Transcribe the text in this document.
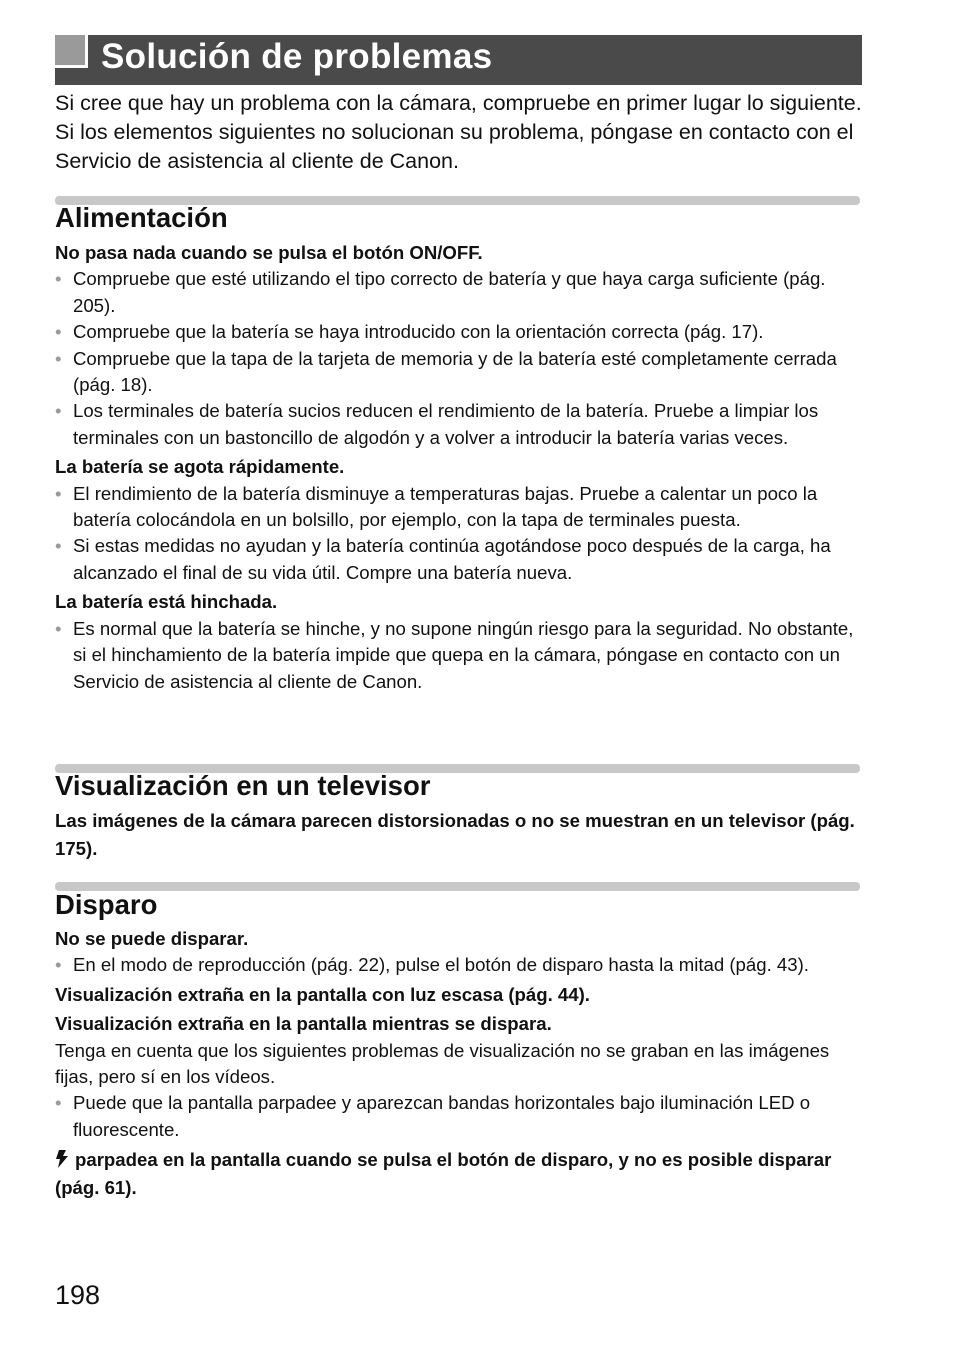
Solución de problemas
Si cree que hay un problema con la cámara, compruebe en primer lugar lo siguiente. Si los elementos siguientes no solucionan su problema, póngase en contacto con el Servicio de asistencia al cliente de Canon.
Alimentación

No pasa nada cuando se pulsa el botón ON/OFF.

• Compruebe que esté utilizando el tipo correcto de batería y que haya carga suficiente (pág. 205).

• Compruebe que la batería se haya introducido con la orientación correcta (pág. 17).

• Compruebe que la tapa de la tarjeta de memoria y de la batería esté completamente cerrada (pág. 18).

• Los terminales de batería sucios reducen el rendimiento de la batería. Pruebe a limpiar los terminales con un bastoncillo de algodón y a volver a introducir la batería varias veces.

La batería se agota rápidamente.

• El rendimiento de la batería disminuye a temperaturas bajas. Pruebe a calentar un poco la batería colocándola en un bolsillo, por ejemplo, con la tapa de terminales puesta.

• Si estas medidas no ayudan y la batería continúa agotándose poco después de la carga, ha alcanzado el final de su vida útil. Compre una batería nueva.

La batería está hinchada.

• Es normal que la batería se hinche, y no supone ningún riesgo para la seguridad. No obstante, si el hinchamiento de la batería impide que quepa en la cámara, póngase en contacto con un Servicio de asistencia al cliente de Canon.

Visualización en un televisor

Las imágenes de la cámara parecen distorsionadas o no se muestran en un televisor (pág. 175).

Disparo

No se puede disparar.

• En el modo de reproducción (pág. 22), pulse el botón de disparo hasta la mitad (pág. 43).

Visualización extraña en la pantalla con luz escasa (pág. 44).

Visualización extraña en la pantalla mientras se dispara.

Tenga en cuenta que los siguientes problemas de visualización no se graban en las imágenes fijas, pero sí en los vídeos.

• Puede que la pantalla parpadee y aparezcan bandas horizontales bajo iluminación LED o fluorescente.

parpadea en la pantalla cuando se pulsa el botón de disparo, y no es posible disparar (pág. 61).

198
